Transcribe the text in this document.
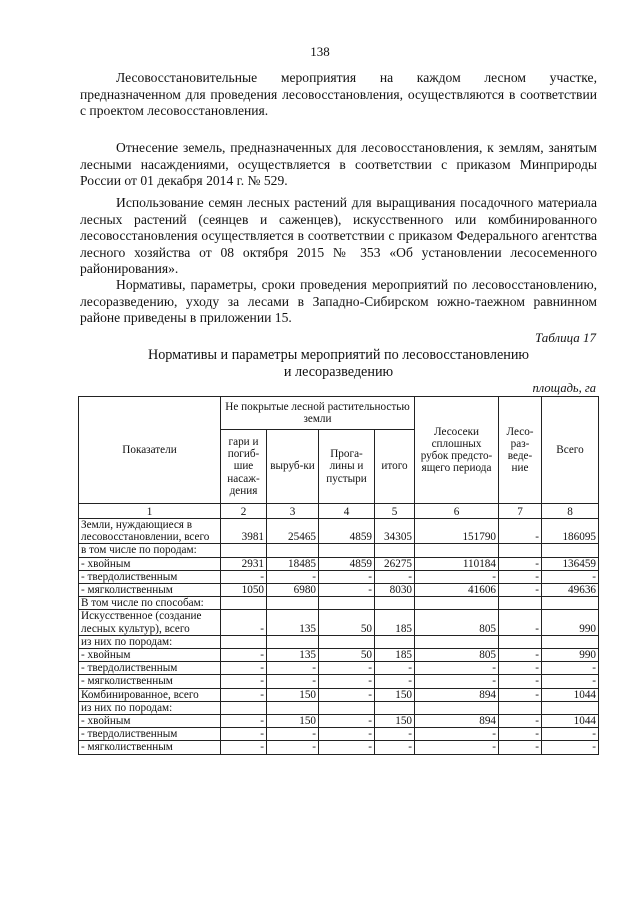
138

Лесовосстановительные мероприятия на каждом лесном участке, предназначенном для проведения лесовосстановления, осуществляются в соответствии с проектом лесовосстановления.

Отнесение земель, предназначенных для лесовосстановления, к землям, занятым лесными насаждениями, осуществляется в соответствии с приказом Минприроды России от 01 декабря 2014 г. № 529.

Использование семян лесных растений для выращивания посадочного материала лесных растений (сеянцев и саженцев), искусственного или комбинированного лесовосстановления осуществляется в соответствии с приказом Федерального агентства лесного хозяйства от 08 октября 2015 № 353 «Об установлении лесосеменного районирования».

Нормативы, параметры, сроки проведения мероприятий по лесовосстановлению, лесоразведению, уходу за лесами в Западно-Сибирском южно-таежном равнинном районе приведены в приложении 15.

Таблица 17
Нормативы и параметры мероприятий по лесовосстановлению
и лесоразведению
площадь, га
Показатели	Не покрытые лесной растительностью земли				Лесосеки сплошных рубок предсто-ящего периода	Лесо-раз-веде-ние	Всего
	гари и погиб-шие насаж-дения	выруб-ки	Прога-лины и пустыри	итого			
1	2	3	4	5	6	7	8
Земли, нуждающиеся в лесовосстановлении, всего	3981	25465	4859	34305	151790	-	186095
в том числе по породам:							
- хвойным	2931	18485	4859	26275	110184	-	136459
- твердолиственным	-	-	-	-	-	-	-
- мягколиственным	1050	6980	-	8030	41606	-	49636
В том числе по способам:							
Искусственное (создание лесных культур), всего	-	135	50	185	805	-	990
из них по породам:							
- хвойным	-	135	50	185	805	-	990
- твердолиственным	-	-	-	-	-	-	-
- мягколиственным	-	-	-	-	-	-	-
Комбинированное, всего	-	150	-	150	894	-	1044
из них по породам:							
- хвойным	-	150	-	150	894	-	1044
- твердолиственным	-	-	-	-	-	-	-
- мягколиственным	-	-	-	-	-	-	-
